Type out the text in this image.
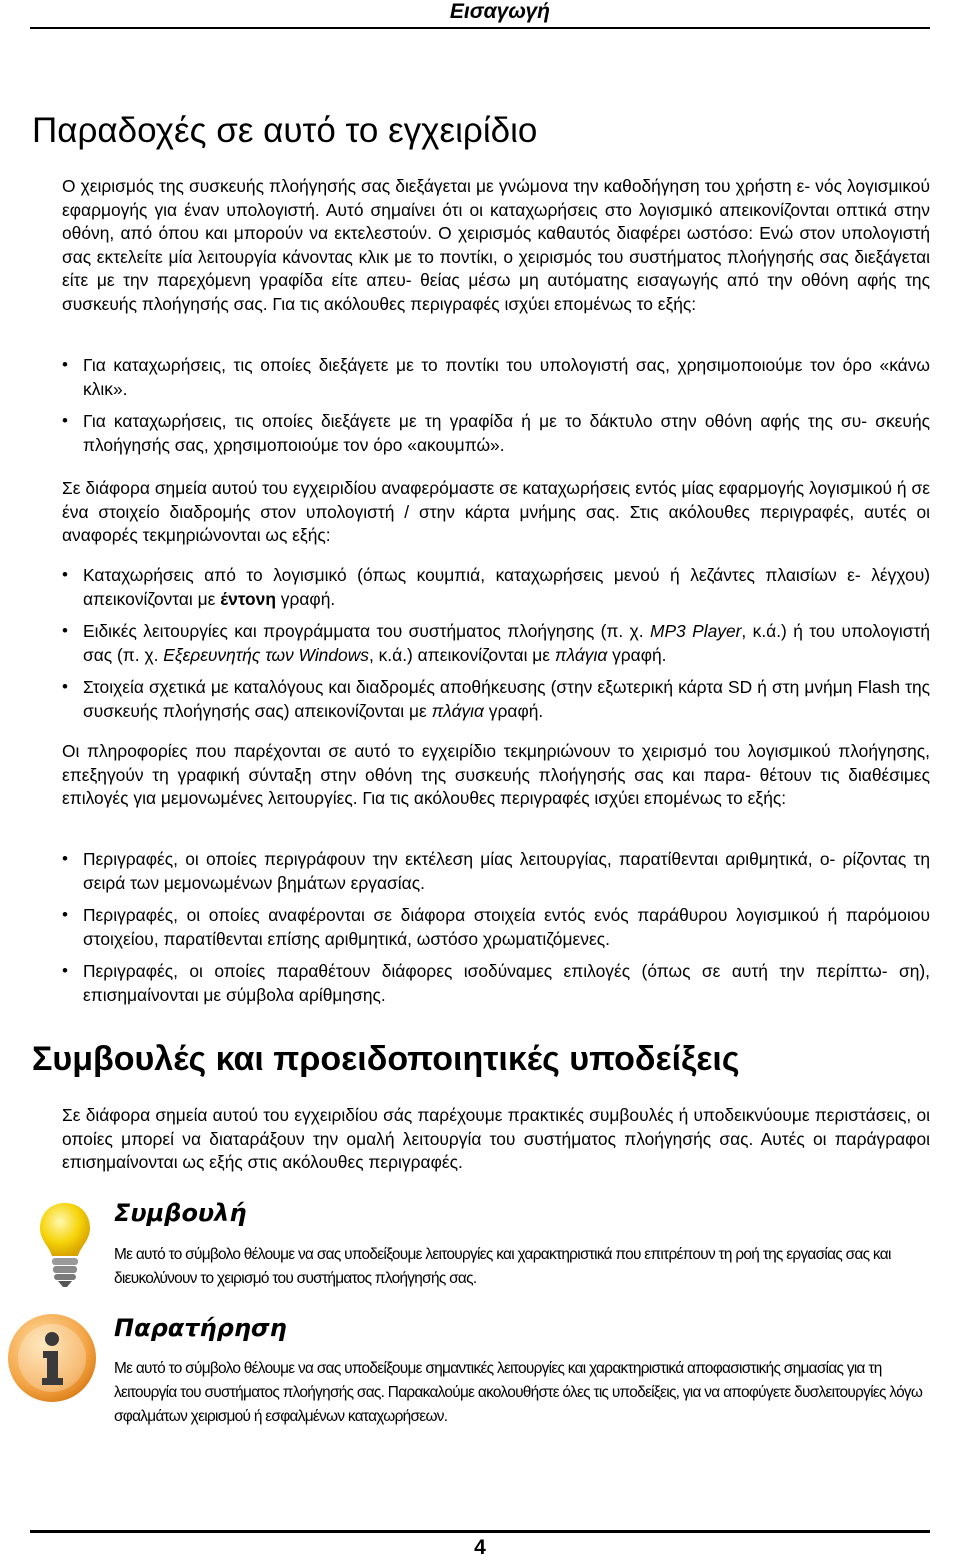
Εισαγωγή
Παραδοχές σε αυτό το εγχειρίδιο

Ο χειρισμός της συσκευής πλοήγησής σας διεξάγεται με γνώμονα την καθοδήγηση του χρήστη ε- νός λογισμικού εφαρμογής για έναν υπολογιστή. Αυτό σημαίνει ότι οι καταχωρήσεις στο λογισμικό απεικονίζονται οπτικά στην οθόνη, από όπου και μπορούν να εκτελεστούν. Ο χειρισμός καθαυτός διαφέρει ωστόσο: Ενώ στον υπολογιστή σας εκτελείτε μία λειτουργία κάνοντας κλικ με το ποντίκι, ο χειρισμός του συστήματος πλοήγησής σας διεξάγεται είτε με την παρεχόμενη γραφίδα είτε απευ- θείας μέσω μη αυτόματης εισαγωγής από την οθόνη αφής της συσκευής πλοήγησής σας. Για τις ακόλουθες περιγραφές ισχύει επομένως το εξής:

• Για καταχωρήσεις, τις οποίες διεξάγετε με το ποντίκι του υπολογιστή σας, χρησιμοποιούμε τον όρο «κάνω κλικ».
• Για καταχωρήσεις, τις οποίες διεξάγετε με τη γραφίδα ή με το δάκτυλο στην οθόνη αφής της συ- σκευής πλοήγησής σας, χρησιμοποιούμε τον όρο «ακουμπώ».

Σε διάφορα σημεία αυτού του εγχειριδίου αναφερόμαστε σε καταχωρήσεις εντός μίας εφαρμογής λογισμικού ή σε ένα στοιχείο διαδρομής στον υπολογιστή / στην κάρτα μνήμης σας. Στις ακόλουθες περιγραφές, αυτές οι αναφορές τεκμηριώνονται ως εξής:

• Καταχωρήσεις από το λογισμικό (όπως κουμπιά, καταχωρήσεις μενού ή λεζάντες πλαισίων ε- λέγχου) απεικονίζονται με έντονη γραφή.
• Ειδικές λειτουργίες και προγράμματα του συστήματος πλοήγησης (π. χ. MP3 Player, κ.ά.) ή του υπολογιστή σας (π. χ. Εξερευνητής των Windows, κ.ά.) απεικονίζονται με πλάγια γραφή.
• Στοιχεία σχετικά με καταλόγους και διαδρομές αποθήκευσης (στην εξωτερική κάρτα SD ή στη μνήμη Flash της συσκευής πλοήγησής σας) απεικονίζονται με πλάγια γραφή.

Οι πληροφορίες που παρέχονται σε αυτό το εγχειρίδιο τεκμηριώνουν το χειρισμό του λογισμικού πλοήγησης, επεξηγούν τη γραφική σύνταξη στην οθόνη της συσκευής πλοήγησής σας και παρα- θέτουν τις διαθέσιμες επιλογές για μεμονωμένες λειτουργίες. Για τις ακόλουθες περιγραφές ισχύει επομένως το εξής:

• Περιγραφές, οι οποίες περιγράφουν την εκτέλεση μίας λειτουργίας, παρατίθενται αριθμητικά, ο- ρίζοντας τη σειρά των μεμονωμένων βημάτων εργασίας.
• Περιγραφές, οι οποίες αναφέρονται σε διάφορα στοιχεία εντός ενός παράθυρου λογισμικού ή παρόμοιου στοιχείου, παρατίθενται επίσης αριθμητικά, ωστόσο χρωματιζόμενες.
• Περιγραφές, οι οποίες παραθέτουν διάφορες ισοδύναμες επιλογές (όπως σε αυτή την περίπτω- ση), επισημαίνονται με σύμβολα αρίθμησης.
Συμβουλές και προειδοποιητικές υποδείξεις

Σε διάφορα σημεία αυτού του εγχειριδίου σάς παρέχουμε πρακτικές συμβουλές ή υποδεικνύουμε περιστάσεις, οι οποίες μπορεί να διαταράξουν την ομαλή λειτουργία του συστήματος πλοήγησής σας. Αυτές οι παράγραφοι επισημαίνονται ως εξής στις ακόλουθες περιγραφές.

Συμβουλή

Με αυτό το σύμβολο θέλουμε να σας υποδείξουμε λειτουργίες και χαρακτηριστικά που επιτρέπουν τη ροή της εργασίας σας και διευκολύνουν το χειρισμό του συστήματος πλοήγησής σας.

Παρατήρηση

Με αυτό το σύμβολο θέλουμε να σας υποδείξουμε σημαντικές λειτουργίες και χαρακτηριστικά αποφασιστικής σημασίας για τη λειτουργία του συστήματος πλοήγησής σας. Παρακαλούμε ακολουθήστε όλες τις υποδείξεις, για να αποφύγετε δυσλειτουργίες λόγω σφαλμάτων χειρισμού ή εσφαλμένων καταχωρήσεων.

4
